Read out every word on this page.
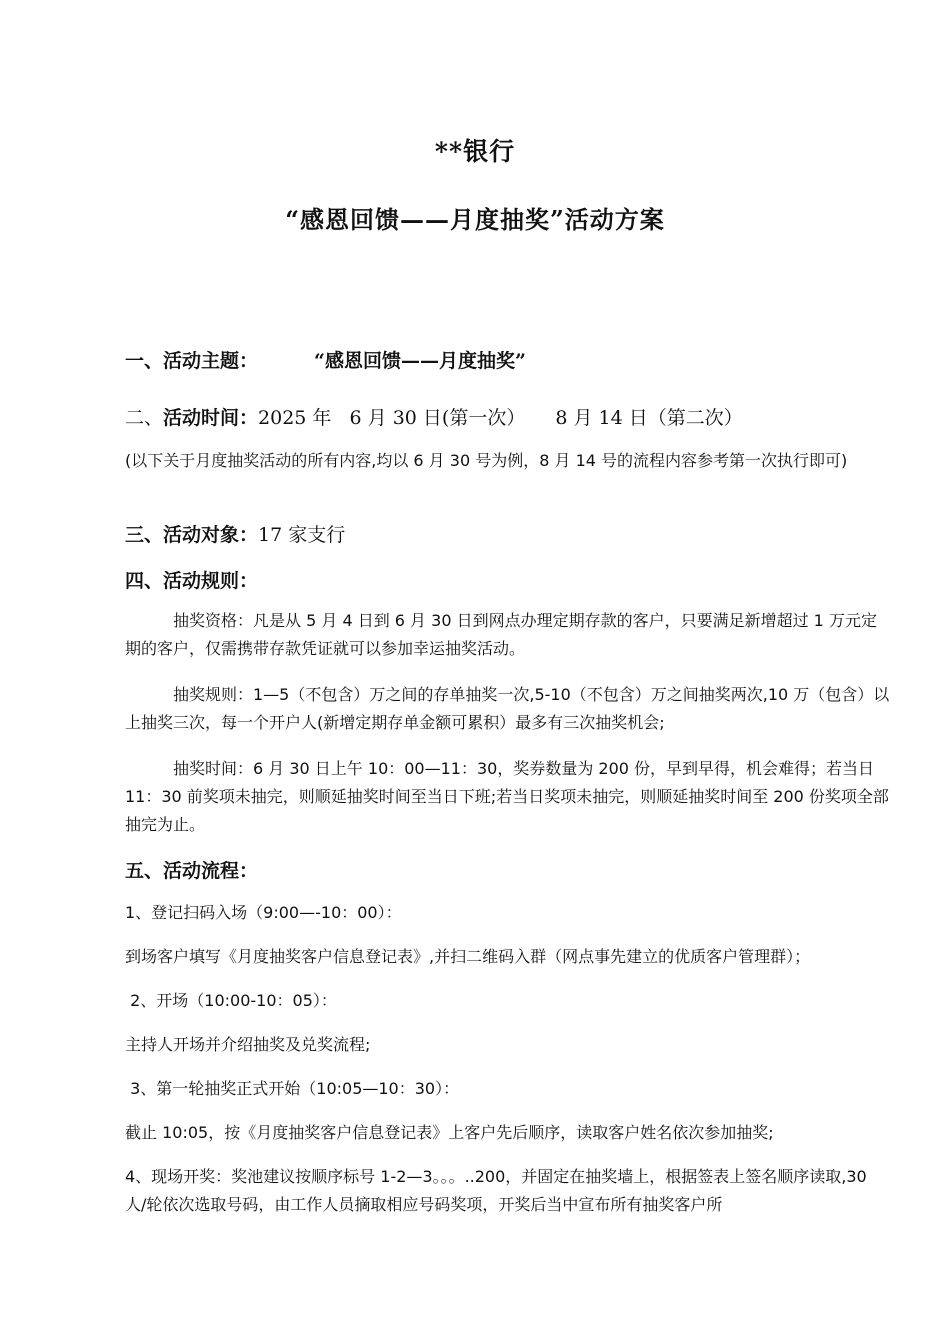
**银行
“感恩回馈——月度抽奖”活动方案
一、活动主题：	“感恩回馈——月度抽奖”
二、活动时间：2025 年   6 月 30 日(第一次） 8 月 14 日（第二次）
(以下关于月度抽奖活动的所有内容,均以 6 月 30 号为例，8 月 14 号的流程内容参考第一次执行即可)
三、活动对象：17 家支行
四、活动规则：
抽奖资格：凡是从 5 月 4 日到 6 月 30 日到网点办理定期存款的客户，只要满足新增超过 1 万元定期的客户，仅需携带存款凭证就可以参加幸运抽奖活动。
抽奖规则：1—5（不包含）万之间的存单抽奖一次,5-10（不包含）万之间抽奖两次,10 万（包含）以上抽奖三次，每一个开户人(新增定期存单金额可累积）最多有三次抽奖机会;
抽奖时间：6 月 30 日上午 10：00—11：30，奖券数量为 200 份，早到早得，机会难得；若当日 11：30 前奖项未抽完，则顺延抽奖时间至当日下班;若当日奖项未抽完，则顺延抽奖时间至 200 份奖项全部抽完为止。
五、活动流程：
1、登记扫码入场（9:00—-10：00）：
到场客户填写《月度抽奖客户信息登记表》,并扫二维码入群（网点事先建立的优质客户管理群）；
2、开场（10:00-10：05）：
主持人开场并介绍抽奖及兑奖流程;
3、第一轮抽奖正式开始（10:05—10：30）：
截止 10:05，按《月度抽奖客户信息登记表》上客户先后顺序，读取客户姓名依次参加抽奖;
4、现场开奖：奖池建议按顺序标号 1-2—3。。。..200，并固定在抽奖墙上，根据签表上签名顺序读取,30 人/轮依次选取号码，由工作人员摘取相应号码奖项，开奖后当中宣布所有抽奖客户所
